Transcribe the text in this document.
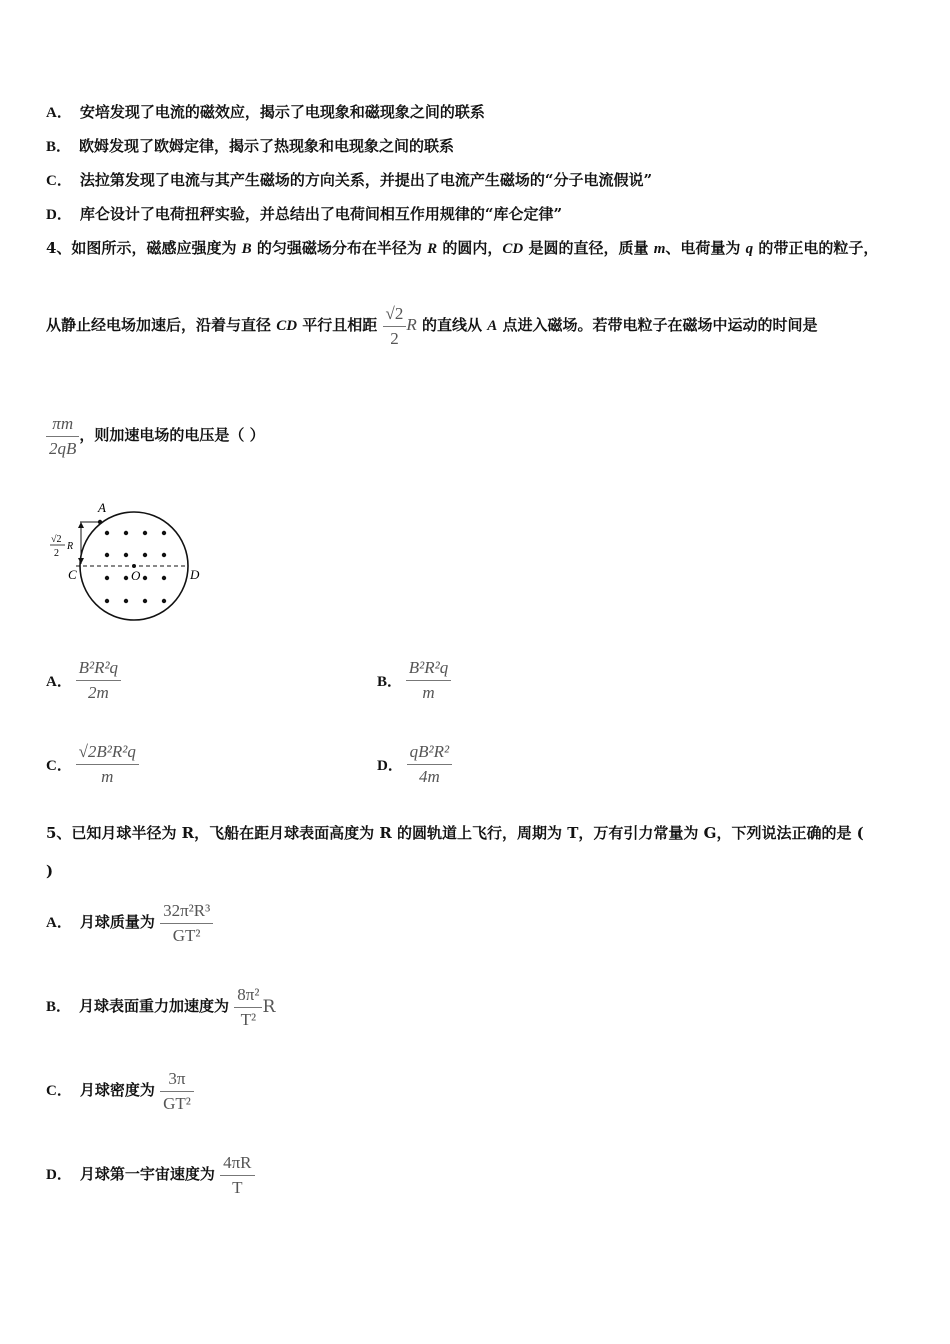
A． 安培发现了电流的磁效应，揭示了电现象和磁现象之间的联系
B． 欧姆发现了欧姆定律，揭示了热现象和电现象之间的联系
C． 法拉第发现了电流与其产生磁场的方向关系，并提出了电流产生磁场的“分子电流假说”
D． 库仑设计了电荷扭秤实验，并总结出了电荷间相互作用规律的“库仑定律”
4、如图所示，磁感应强度为 B 的匀强磁场分布在半径为 R 的圆内，CD 是圆的直径，质量 m、电荷量为 q 的带正电的粒子，
从静止经电场加速后，沿着与直径 CD 平行且相距 $\frac{√2}{2}$ R 的直线从 A 点进入磁场。若带电粒子在磁场中运动的时间是
$\frac{\pi m}{2qB}$ ，则加速电场的电压是（ ）
A
C	D
O
√2
2
R
A． $\frac{\text{B²R²q}}{2m}$	B． $\frac{\text{B²R²q}}{m}$
C． $\frac{\text{√2B²R²q}}{m}$	D． $\frac{\text{qB²R²}}{4m}$
5、已知月球半径为 R，飞船在距月球表面高度为 R 的圆轨道上飞行，周期为 T，万有引力常量为 G，下列说法正确的是 (
)
A． 月球质量为 $\frac{\text{32π²R³}}{\text{GT²}}$
B． 月球表面重力加速度为 $\frac{\text{8π²}}{\text{T²}}$ R
C． 月球密度为 $\frac{3\pi}{\text{GT²}}$
D． 月球第一宇宙速度为 $\frac{4\pi R}{T}$
